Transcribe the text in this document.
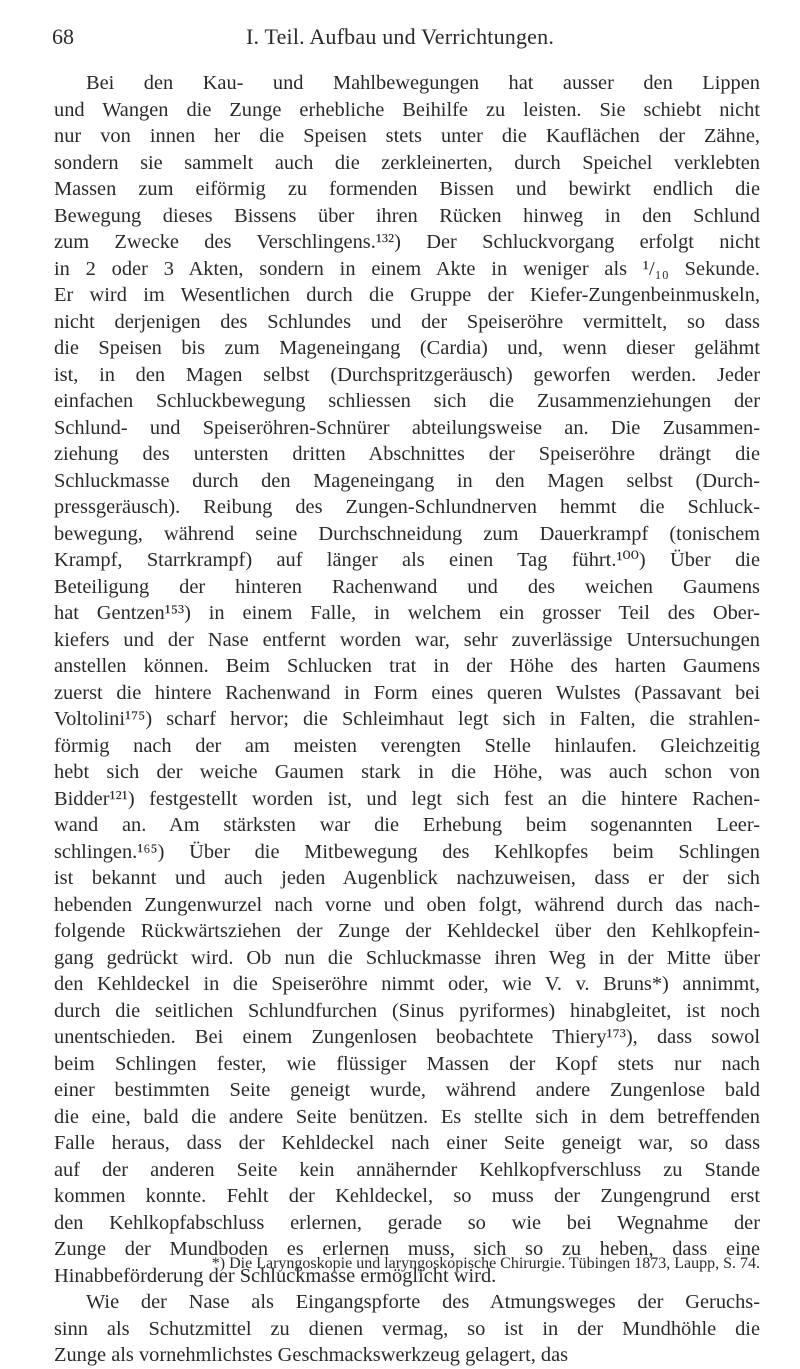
68	I. Teil. Aufbau und Verrichtungen.
Bei den Kau- und Mahlbewegungen hat ausser den Lippen
und Wangen die Zunge erhebliche Beihilfe zu leisten. Sie schiebt nicht
nur von innen her die Speisen stets unter die Kauflächen der Zähne,
sondern sie sammelt auch die zerkleinerten, durch Speichel verklebten
Massen zum eiförmig zu formenden Bissen und bewirkt endlich die
Bewegung dieses Bissens über ihren Rücken hinweg in den Schlund
zum Zwecke des Verschlingens.¹³²) Der Schluckvorgang erfolgt nicht
in 2 oder 3 Akten, sondern in einem Akte in weniger als ¹/₁₀ Sekunde.
Er wird im Wesentlichen durch die Gruppe der Kiefer-Zungenbeinmuskeln,
nicht derjenigen des Schlundes und der Speiseröhre vermittelt, so dass
die Speisen bis zum Mageneingang (Cardia) und, wenn dieser gelähmt
ist, in den Magen selbst (Durchspritzgeräusch) geworfen werden. Jeder
einfachen Schluckbewegung schliessen sich die Zusammenziehungen der
Schlund- und Speiseröhren-Schnürer abteilungsweise an. Die Zusammen-
ziehung des untersten dritten Abschnittes der Speiseröhre drängt die
Schluckmasse durch den Mageneingang in den Magen selbst (Durch-
pressgeräusch). Reibung des Zungen-Schlundnerven hemmt die Schluck-
bewegung, während seine Durchschneidung zum Dauerkrampf (tonischem
Krampf, Starrkrampf) auf länger als einen Tag führt.¹⁰⁰) Über die
Beteiligung der hinteren Rachenwand und des weichen Gaumens
hat Gentzen¹⁵³) in einem Falle, in welchem ein grosser Teil des Ober-
kiefers und der Nase entfernt worden war, sehr zuverlässige Untersuchungen
anstellen können. Beim Schlucken trat in der Höhe des harten Gaumens
zuerst die hintere Rachenwand in Form eines queren Wulstes (Passavant bei
Voltolini¹⁷⁵) scharf hervor; die Schleimhaut legt sich in Falten, die strahlen-
förmig nach der am meisten verengten Stelle hinlaufen. Gleichzeitig
hebt sich der weiche Gaumen stark in die Höhe, was auch schon von
Bidder¹²¹) festgestellt worden ist, und legt sich fest an die hintere Rachen-
wand an. Am stärksten war die Erhebung beim sogenannten Leer-
schlingen.¹⁶⁵) Über die Mitbewegung des Kehlkopfes beim Schlingen
ist bekannt und auch jeden Augenblick nachzuweisen, dass er der sich
hebenden Zungenwurzel nach vorne und oben folgt, während durch das nach-
folgende Rückwärtsziehen der Zunge der Kehldeckel über den Kehlkopfein-
gang gedrückt wird. Ob nun die Schluckmasse ihren Weg in der Mitte über
den Kehldeckel in die Speiseröhre nimmt oder, wie V. v. Bruns*) annimmt,
durch die seitlichen Schlundfurchen (Sinus pyriformes) hinabgleitet, ist noch
unentschieden. Bei einem Zungenlosen beobachtete Thiery¹⁷³), dass sowol
beim Schlingen fester, wie flüssiger Massen der Kopf stets nur nach
einer bestimmten Seite geneigt wurde, während andere Zungenlose bald
die eine, bald die andere Seite benützen. Es stellte sich in dem betreffenden
Falle heraus, dass der Kehldeckel nach einer Seite geneigt war, so dass
auf der anderen Seite kein annähernder Kehlkopfverschluss zu Stande
kommen konnte. Fehlt der Kehldeckel, so muss der Zungengrund erst
den Kehlkopfabschluss erlernen, gerade so wie bei Wegnahme der
Zunge der Mundboden es erlernen muss, sich so zu heben, dass eine
Hinabbeförderung der Schluckmasse ermöglicht wird.
Wie der Nase als Eingangspforte des Atmungsweges der Geruchs-
sinn als Schutzmittel zu dienen vermag, so ist in der Mundhöhle die
Zunge als vornehmlichstes Geschmackswerkzeug gelagert, das
*) Die Laryngoskopie und laryngoskopische Chirurgie. Tübingen 1873, Laupp, S. 74.
